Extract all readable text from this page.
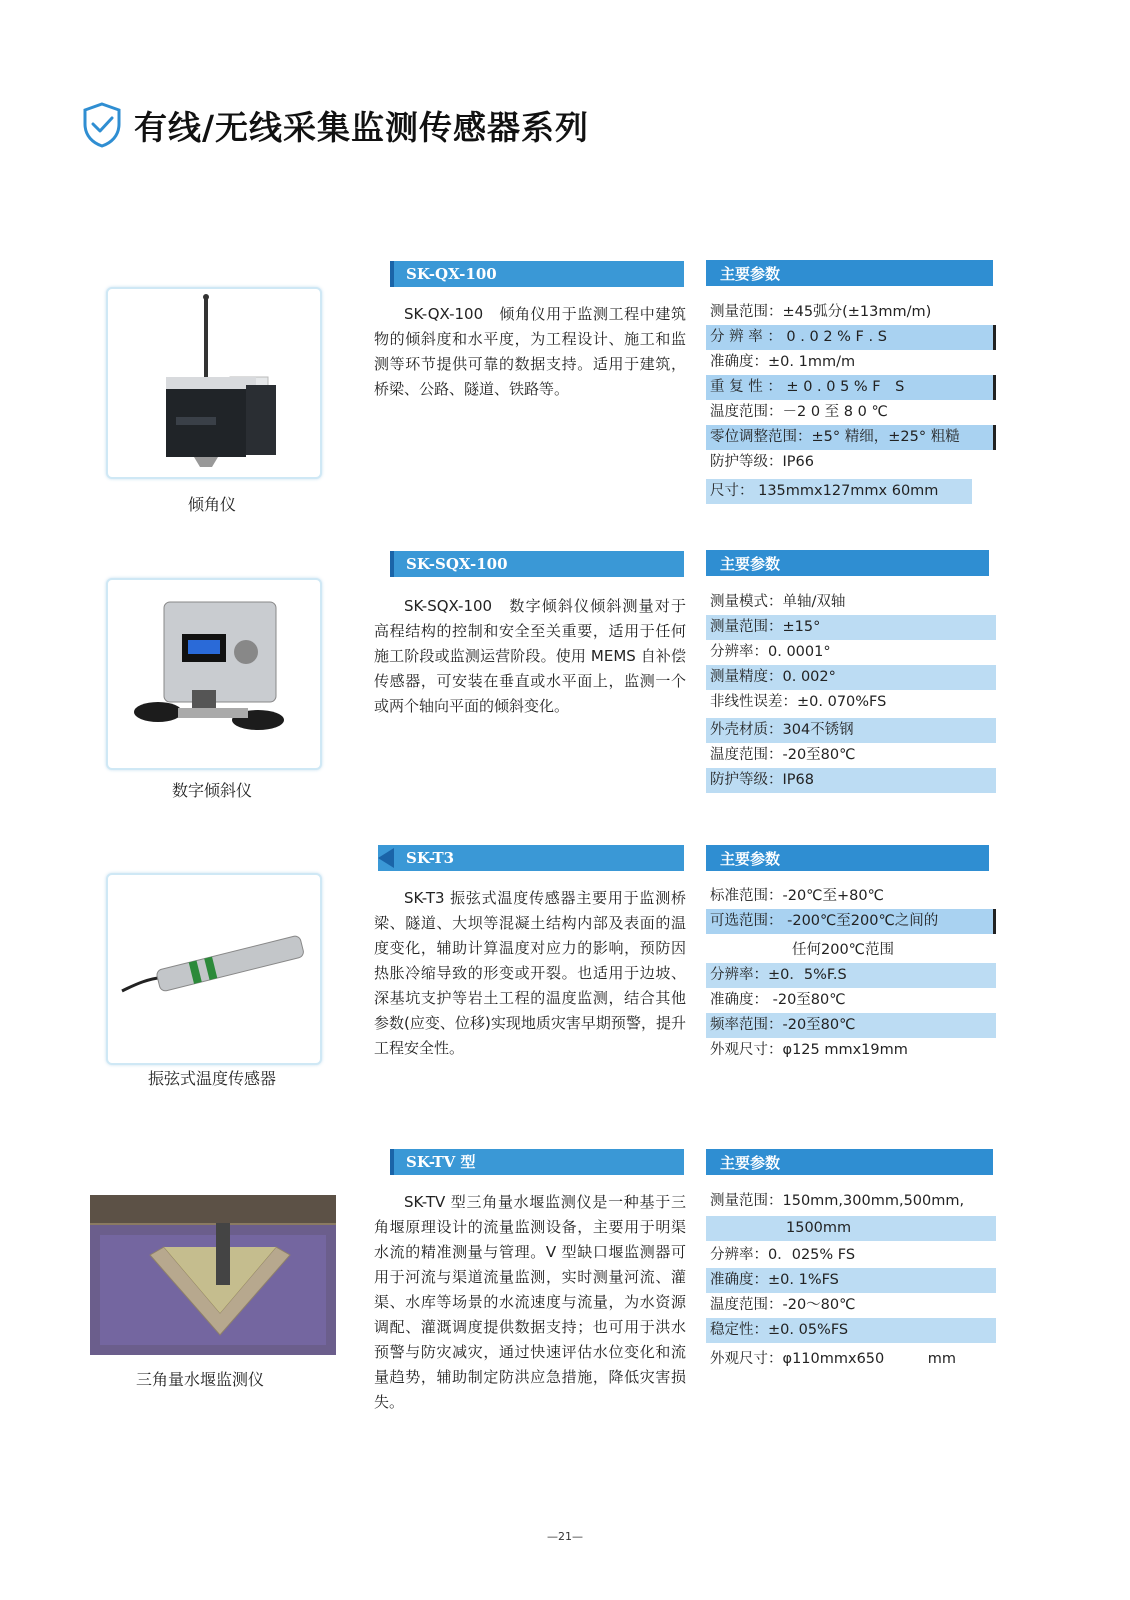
有线/无线采集监测传感器系列
倾角仪
SK-QX-100
SK-QX-100　倾角仪用于监测工程中建筑物的倾斜度和水平度，为工程设计、施工和监测等环节提供可靠的数据支持。适用于建筑，桥梁、公路、隧道、铁路等。
主要参数
测量范围：±45弧分(±13mm/m)
分 辨 率 ： 0 . 0 2 % F . S
准确度：±0. 1mm/m
重 复 性 ： ± 0 . 0 5 % F　S
温度范围：－2 0 至 8 0 ℃
零位调整范围：±5° 精细，±25° 粗糙
防护等级：IP66
尺寸： 135mmx127mmx 60mm
数字倾斜仪
SK-SQX-100
SK-SQX-100　数字倾斜仪倾斜测量对于高程结构的控制和安全至关重要，适用于任何施工阶段或监测运营阶段。使用 MEMS 自补偿传感器，可安装在垂直或水平面上，监测一个或两个轴向平面的倾斜变化。
主要参数
测量模式：单轴/双轴
测量范围：±15°
分辨率：0. 0001°
测量精度：0. 002°
非线性误差：±0. 070%FS
外壳材质：304不锈钢
温度范围：-20至80℃
防护等级：IP68
振弦式温度传感器
SK-T3
SK-T3 振弦式温度传感器主要用于监测桥梁、隧道、大坝等混凝土结构内部及表面的温度变化，辅助计算温度对应力的影响，预防因热胀冷缩导致的形变或开裂。也适用于边坡、深基坑支护等岩土工程的温度监测，结合其他参数(应变、位移)实现地质灾害早期预警，提升工程安全性。
主要参数
标准范围：-20℃至+80℃
可选范围： -200℃至200℃之间的
任何200℃范围
分辨率：±0．5%F.S
准确度： -20至80℃
频率范围：-20至80℃
外观尺寸：φ125 mmx19mm
三角量水堰监测仪
SK-TV 型
SK-TV 型三角量水堰监测仪是一种基于三角堰原理设计的流量监测设备，主要用于明渠水流的精准测量与管理。V 型缺口堰监测器可用于河流与渠道流量监测，实时测量河流、灌渠、水库等场景的水流速度与流量，为水资源调配、灌溉调度提供数据支持；也可用于洪水预警与防灾减灾，通过快速评估水位变化和流量趋势，辅助制定防洪应急措施，降低灾害损失。
主要参数
测量范围：150mm,300mm,500mm,
1500mm
分辨率：0．025% FS
准确度：±0. 1%FS
温度范围：-20～80℃
稳定性：±0. 05%FS
外观尺寸：φ110mmx650　　　mm
—21—
